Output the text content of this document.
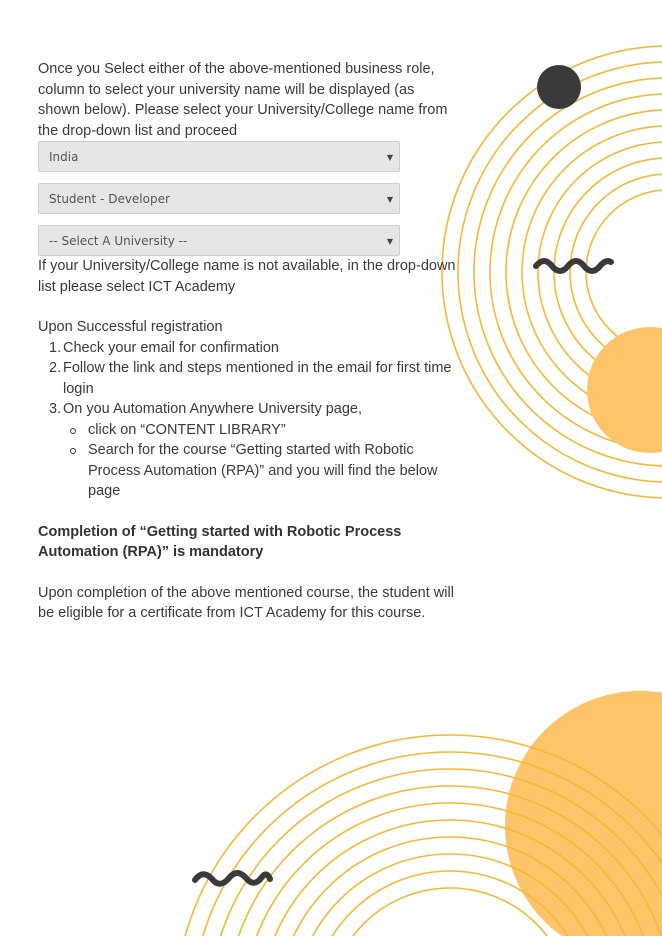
Once you Select either of the above-mentioned business role, column to select your university name will be displayed (as shown below). Please select your University/College name from the drop-down list and proceed

India	▼
Student - Developer	▼
-- Select A University --	▼

If your University/College name is not available, in the drop-down list please select ICT Academy

Upon Successful registration

1. Check your email for confirmation
2. Follow the link and steps mentioned in the email for first time login
3. On you Automation Anywhere University page,
click on “CONTENT LIBRARY”
Search for the course “Getting started with Robotic Process Automation (RPA)” and you will find the below page

Completion of “Getting started with Robotic Process Automation (RPA)” is mandatory

Upon completion of the above mentioned course, the student will be eligible for a certificate from ICT Academy for this course.
